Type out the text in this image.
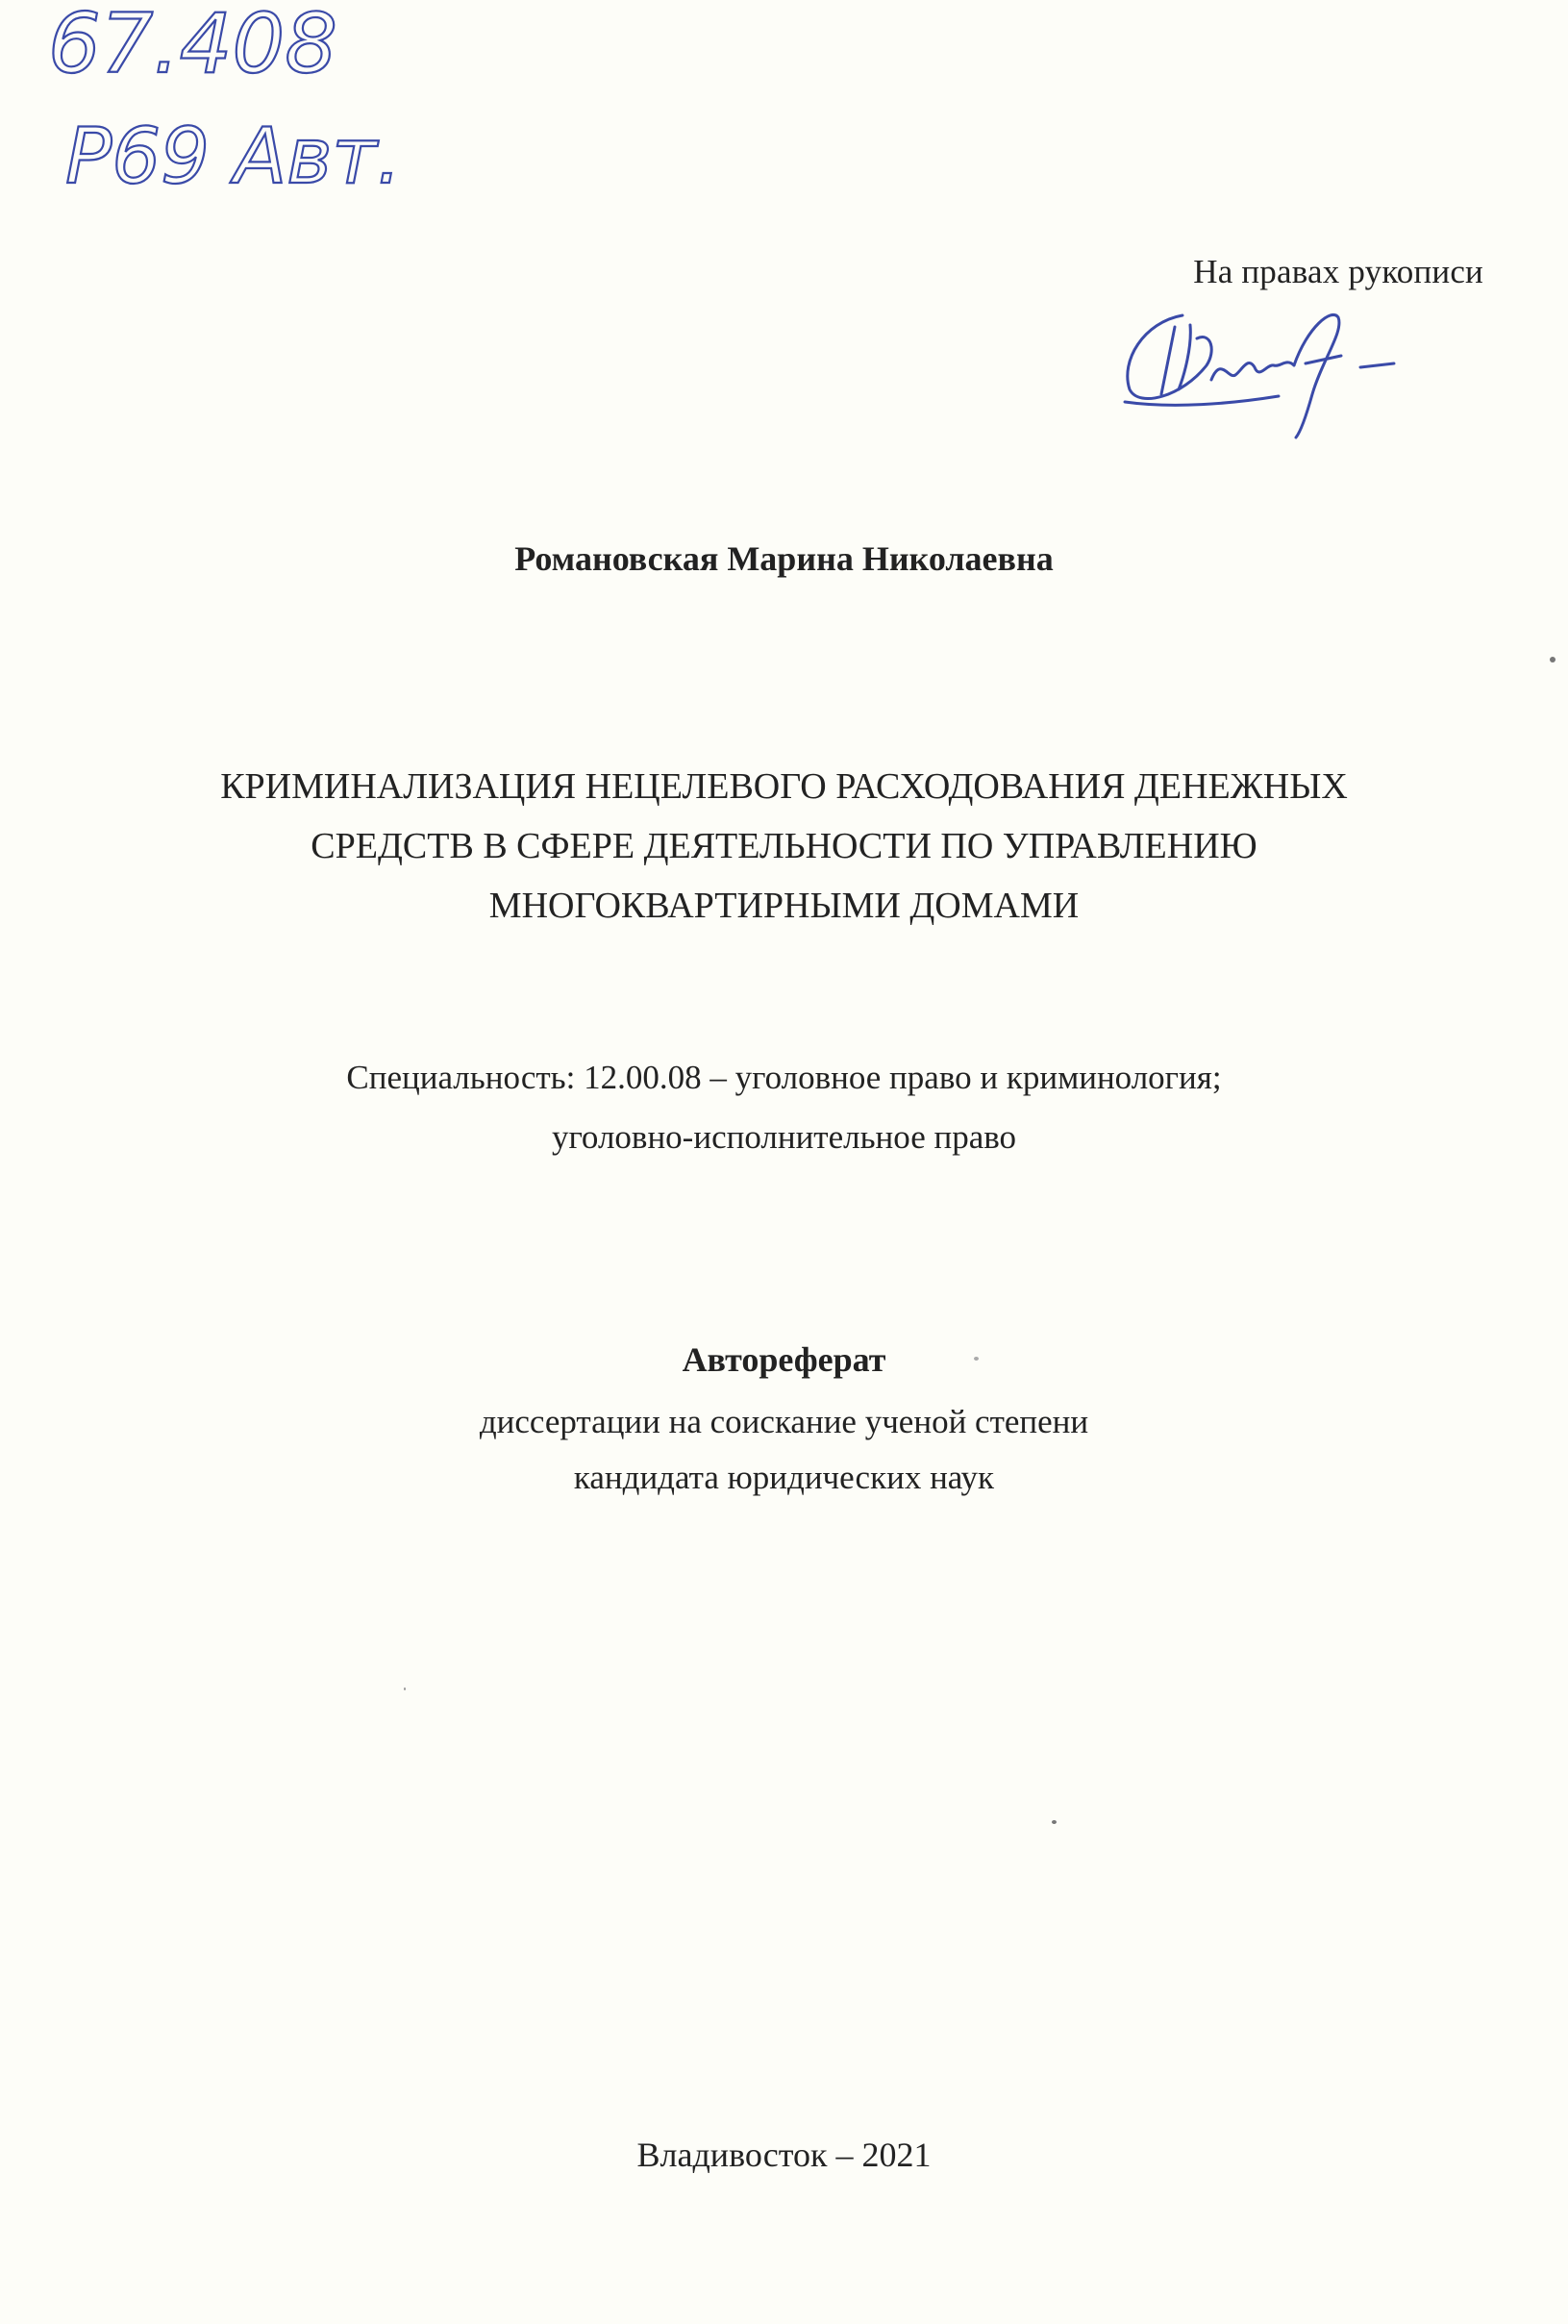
67.408
Р69 Авт.
На правах рукописи
Романовская Марина Николаевна
КРИМИНАЛИЗАЦИЯ НЕЦЕЛЕВОГО РАСХОДОВАНИЯ ДЕНЕЖНЫХ
СРЕДСТВ В СФЕРЕ ДЕЯТЕЛЬНОСТИ ПО УПРАВЛЕНИЮ
МНОГОКВАРТИРНЫМИ ДОМАМИ
Специальность: 12.00.08 – уголовное право и криминология;
уголовно-исполнительное право
Автореферат
диссертации на соискание ученой степени
кандидата юридических наук
Владивосток – 2021
